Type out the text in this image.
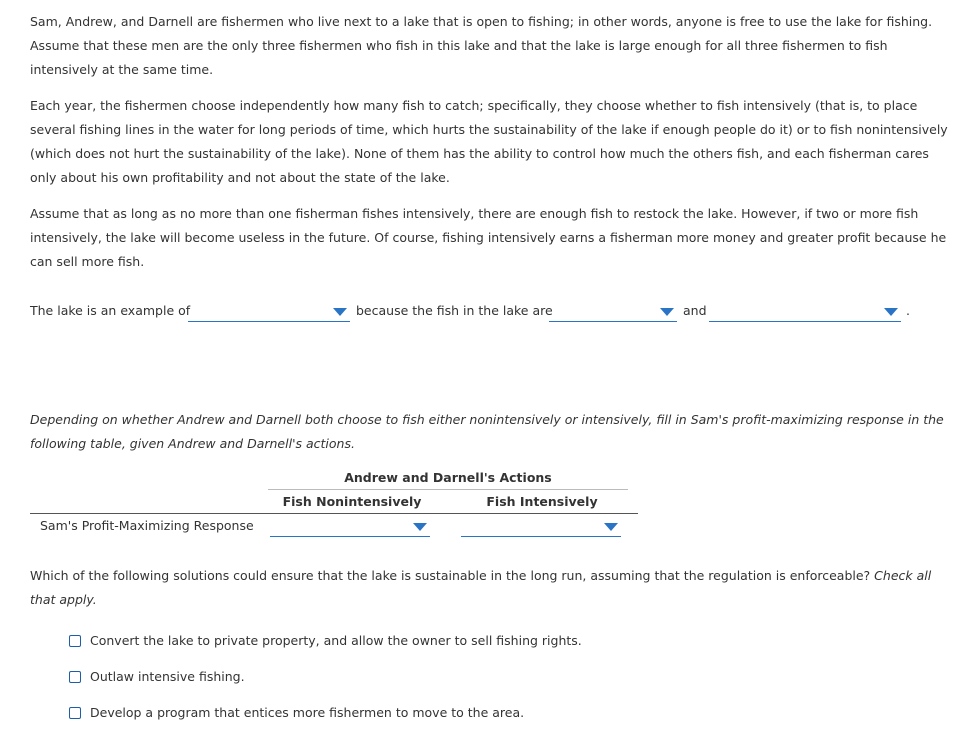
Sam, Andrew, and Darnell are fishermen who live next to a lake that is open to fishing; in other words, anyone is free to use the lake for fishing. Assume that these men are the only three fishermen who fish in this lake and that the lake is large enough for all three fishermen to fish intensively at the same time.

Each year, the fishermen choose independently how many fish to catch; specifically, they choose whether to fish intensively (that is, to place several fishing lines in the water for long periods of time, which hurts the sustainability of the lake if enough people do it) or to fish nonintensively (which does not hurt the sustainability of the lake). None of them has the ability to control how much the others fish, and each fisherman cares only about his own profitability and not about the state of the lake.

Assume that as long as no more than one fisherman fishes intensively, there are enough fish to restock the lake. However, if two or more fish intensively, the lake will become useless in the future. Of course, fishing intensively earns a fisherman more money and greater profit because he can sell more fish.

The lake is an example of	because the fish in the lake are	and	.

Depending on whether Andrew and Darnell both choose to fish either nonintensively or intensively, fill in Sam's profit-maximizing response in the following table, given Andrew and Darnell's actions.

Andrew and Darnell's Actions
Fish Nonintensively	Fish Intensively
Sam's Profit-Maximizing Response

Which of the following solutions could ensure that the lake is sustainable in the long run, assuming that the regulation is enforceable? Check all that apply.

Convert the lake to private property, and allow the owner to sell fishing rights.
Outlaw intensive fishing.
Develop a program that entices more fishermen to move to the area.
